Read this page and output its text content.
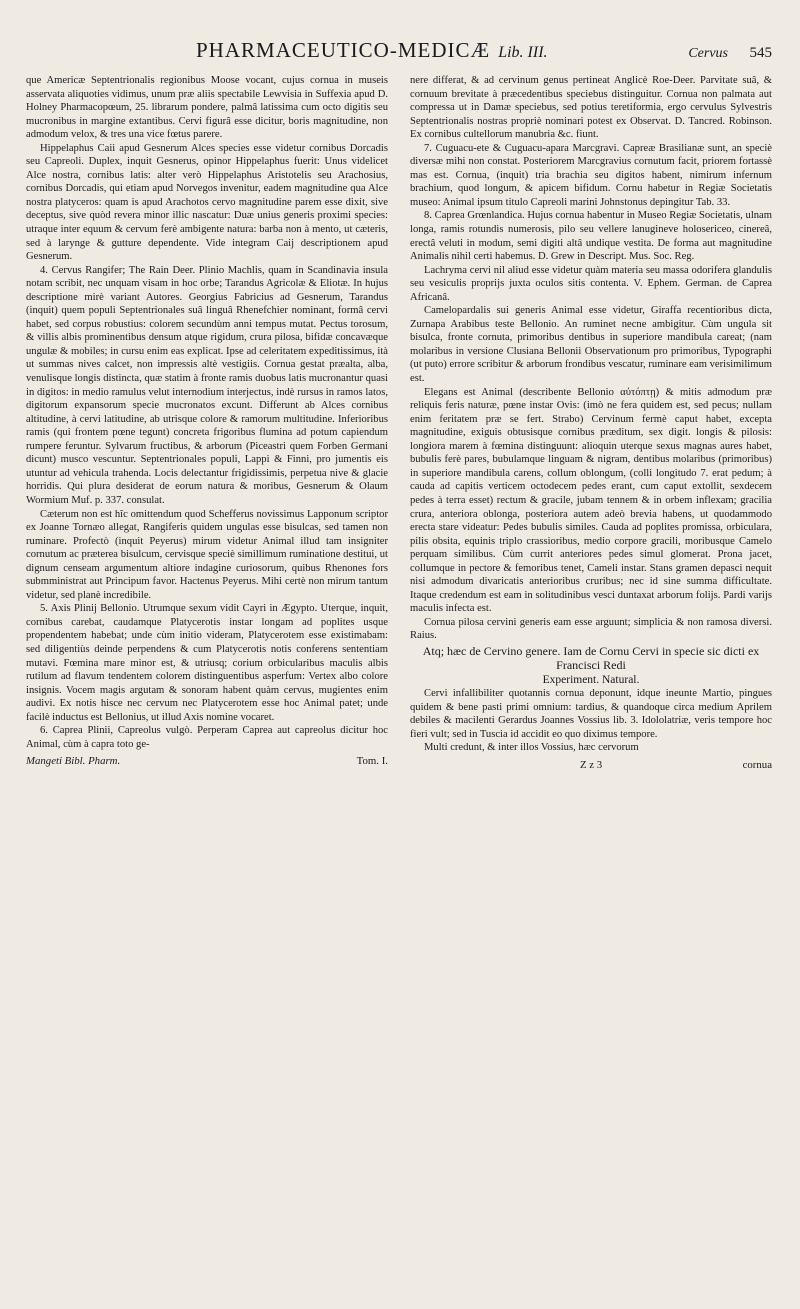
PHARMACEUTICO-MEDICÆ Lib. III.	Cervus 545

que Americæ Septentrionalis regionibus Moose vocant, cujus cornua in museis asservata aliquoties vidimus, unum præ aliis spectabile Lewvisia in Suffexia apud D. Holney Pharmacopœum, 25. librarum pondere, palmâ latissima cum octo digitis seu mucronibus in margine extantibus. Cervi figurâ esse dicitur, boris magnitudine, non admodum velox, & tres una vice fœtus parere.

Hippelaphus Caii apud Gesnerum Alces species esse videtur cornibus Dorcadis seu Capreoli. Duplex, inquit Gesnerus, opinor Hippelaphus fuerit: Unus videlicet Alce nostra, cornibus latis: alter verò Hippelaphus Aristotelis seu Arachosius, cornibus Dorcadis, qui etiam apud Norvegos invenitur, eadem magnitudine qua Alce nostra platyceros: quam is apud Arachotos cervo magnitudine parem esse dixit, sive deceptus, sive quòd revera minor illic nascatur: Duæ unius generis proximi species: utraque inter equum & cervum ferè ambigente natura: barba non à mento, ut cæteris, sed à larynge & gutture dependente. Vide integram Caij descriptionem apud Gesnerum.

4. Cervus Rangifer; The Rain Deer. Plinio Machlis, quam in Scandinavia insula notam scribit, nec unquam visam in hoc orbe; Tarandus Agricolæ & Eliotæ. In hujus descriptione mirè variant Autores. Georgius Fabricius ad Gesnerum, Tarandus (inquit) quem populi Septentrionales suâ linguâ Rhenefchier nominant, formâ cervi habet, sed corpus robustius: colorem secundùm anni tempus mutat. Pectus torosum, & villis albis prominentibus densum atque rigidum, crura pilosa, bifidæ concavæque ungulæ & mobiles; in cursu enim eas explicat. Ipse ad celeritatem expeditissimus, ità ut summas nives calcet, non impressis altè vestigiis. Cornua gestat præalta, alba, venulisque longis distincta, quæ statim à fronte ramis duobus latis mucronantur quasi in digitos: in medio ramulus velut internodium interjectus, indè rursus in ramos latos, digitorum expansorum specie mucronatos excunt. Differunt ab Alces cornibus altitudine, à cervi latitudine, ab utrisque colore & ramorum multitudine. Inferioribus ramis (qui frontem pœne tegunt) concreta frigoribus flumina ad potum capiendum rumpere feruntur. Sylvarum fructibus, & arborum (Piceastri quem Forben Germani dicunt) musco vescuntur. Septentrionales populi, Lappi & Finni, pro jumentis eis utuntur ad vehicula trahenda. Locis delectantur frigidissimis, perpetua nive & glacie horridis. Qui plura desiderat de eorum natura & moribus, Gesnerum & Olaum Wormium Muf. p. 337. consulat.

Cæterum non est hîc omittendum quod Schefferus novissimus Lapponum scriptor ex Joanne Tornæo allegat, Rangiferis quidem ungulas esse bisulcas, sed tamen non ruminare. Profectò (inquit Peyerus) mirum videtur Animal illud tam insigniter cornutum ac præterea bisulcum, cervisque speciè simillimum ruminatione destitui, ut dignum censeam argumentum altiore indagine curiosorum, quibus Rhenones fors submministrat aut Principum favor. Hactenus Peyerus. Mihi certè non mirum tantum videtur, sed planè incredibile.

5. Axis Plinij Bellonio. Utrumque sexum vidit Cayri in Ægypto. Uterque, inquit, cornibus carebat, caudamque Platycerotis instar longam ad poplites usque propendentem habebat; unde cùm initio videram, Platycerotem esse existimabam: sed diligentiùs deinde perpendens & cum Platycerotis notis conferens sententiam mutavi. Fœmina mare minor est, & utriusq; corium orbicularibus maculis albis rutilum ad flavum tendentem colorem distinguentibus asperfum: Vertex albo colore insignis. Vocem magis argutam & sonoram habent quàm cervus, mugientes enim audivi. Ex notis hisce nec cervum nec Platycerotem esse hoc Animal patet; unde facilè inductus est Bellonius, ut illud Axis nomine vocaret.

6. Caprea Plinii, Capreolus vulgò. Perperam Caprea aut capreolus dicitur hoc Animal, cùm à capra toto ge-

Mangeti Bibl. Pharm.	Tom. I.

nere differat, & ad cervinum genus pertineat Anglicè Roe-Deer. Parvitate suâ, & cornuum brevitate à præcedentibus speciebus distinguitur. Cornua non palmata aut compressa ut in Damæ speciebus, sed potius teretiformia, ergo cervulus Sylvestris Septentrionalis nostras propriè nominari potest ex Observat. D. Tancred. Robinson. Ex cornibus cultellorum manubria &c. fiunt.

7. Cuguacu-ete & Cuguacu-apara Marcgravi. Capreæ Brasilianæ sunt, an speciè diversæ mihi non constat. Posteriorem Marcgravius cornutum facit, priorem fortassè mas est. Cornua, (inquit) tria brachia seu digitos habent, nimirum infernum brachium, quod longum, & apicem bifidum. Cornu habetur in Regiæ Societatis museo: Animal ipsum titulo Capreoli marini Johnstonus depingitur Tab. 33.

8. Caprea Grœnlandica. Hujus cornua habentur in Museo Regiæ Societatis, ulnam longa, ramis rotundis numerosis, pilo seu vellere lanugineve holosericeo, cinereâ, erectâ veluti in modum, semi digiti altâ undique vestita. De forma aut magnitudine Animalis nihil certi habemus. D. Grew in Descript. Mus. Soc. Reg.

Lachryma cervi nil aliud esse videtur quàm materia seu massa odorifera glandulis seu vesiculis proprijs juxta oculos sitis contenta. V. Ephem. German. de Caprea Africanâ.

Camelopardalis sui generis Animal esse videtur, Giraffa recentioribus dicta, Zurnapa Arabibus teste Bellonio. An ruminet necne ambigitur. Cùm ungula sit bisulca, fronte cornuta, primoribus dentibus in superiore mandibula careat; (nam molaribus in versione Clusiana Bellonii Observationum pro primoribus, Typographi (ut puto) errore scribitur & arborum frondibus vescatur, ruminare eam verisimilimum est.

Elegans est Animal (describente Bellonio αὐτόπτῃ) & mitis admodum præ reliquis feris naturæ, pœne instar Ovis: (imò ne fera quidem est, sed pecus; nullam enim feritatem præ se fert. Strabo) Cervinum fermè caput habet, excepta magnitudine, exiguis obtusisque cornibus præditum, sex digit. longis & pilosis: longiora marem à fœmina distinguunt: alioquin uterque sexus magnas aures habet, bubulis ferè pares, bubulamque linguam & nigram, dentibus molaribus (primoribus) in superiore mandibula carens, collum oblongum, (colli longitudo 7. erat pedum; à cauda ad capitis verticem octodecem pedes erant, cum caput extollit, sexdecem pedes à terra esset) rectum & gracile, jubam tennem & in orbem inflexam; gracilia crura, anteriora oblonga, posteriora autem adeò brevia habens, ut quodammodo erecta stare videatur: Pedes bubulis similes. Cauda ad poplites promissa, orbiculara, pilis obsita, equinis triplo crassioribus, medio corpore gracili, moribusque Camelo perquam similibus. Cùm currit anteriores pedes simul glomerat. Prona jacet, collumque in pectore & femoribus tenet, Cameli instar. Stans gramen depasci nequit nisi admodum divaricatis anterioribus cruribus; nec id sine summa difficultate. Itaque credendum est eam in solitudinibus vesci duntaxat arborum folijs. Pardi varijs maculis infecta est.

Cornua pilosa cervini generis eam esse arguunt; simplicia & non ramosa diversi. Raius.

Atq; hæc de Cervino genere. Iam de Cornu Cervi in specie sic dicti ex Francisci Redi

Experiment. Natural.

Cervi infallibiliter quotannis cornua deponunt, idque ineunte Martio, pingues quidem & bene pasti primi omnium: tardius, & quandoque circa medium Aprilem debiles & macilenti Gerardus Joannes Vossius lib. 3. Idololatriæ, veris tempore hoc fieri vult; sed in Tuscia id accidit eo quo diximus tempore.

Multi credunt, & inter illos Vossius, hæc cervorum

Z z 3	cornua
